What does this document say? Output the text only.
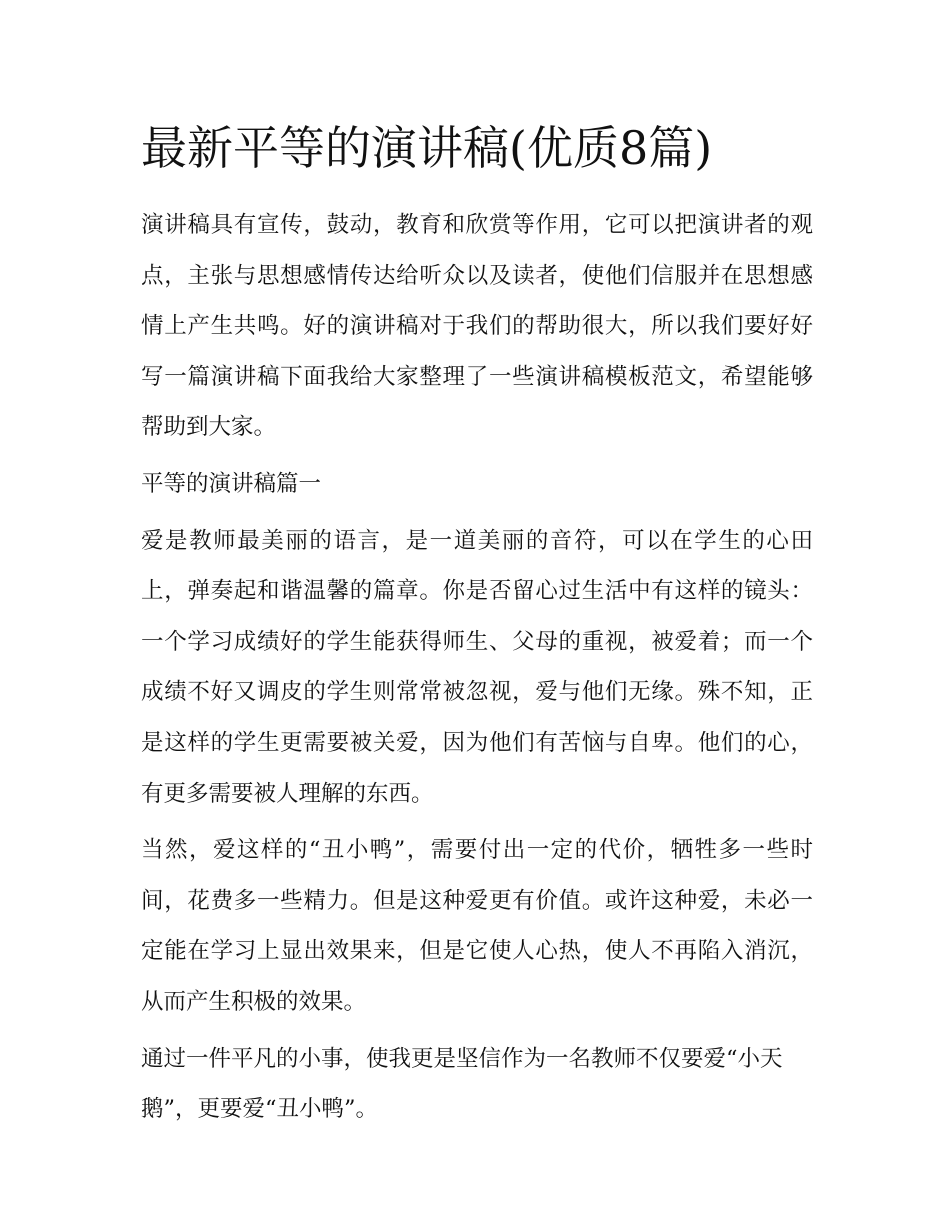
最新平等的演讲稿(优质8篇)

演讲稿具有宣传，鼓动，教育和欣赏等作用，它可以把演讲者的观点，主张与思想感情传达给听众以及读者，使他们信服并在思想感情上产生共鸣。好的演讲稿对于我们的帮助很大，所以我们要好好写一篇演讲稿下面我给大家整理了一些演讲稿模板范文，希望能够帮助到大家。

平等的演讲稿篇一

爱是教师最美丽的语言，是一道美丽的音符，可以在学生的心田上，弹奏起和谐温馨的篇章。你是否留心过生活中有这样的镜头：一个学习成绩好的学生能获得师生、父母的重视，被爱着；而一个成绩不好又调皮的学生则常常被忽视，爱与他们无缘。殊不知，正是这样的学生更需要被关爱，因为他们有苦恼与自卑。他们的心，有更多需要被人理解的东西。

当然，爱这样的“丑小鸭”，需要付出一定的代价，牺牲多一些时间，花费多一些精力。但是这种爱更有价值。或许这种爱，未必一定能在学习上显出效果来，但是它使人心热，使人不再陷入消沉，从而产生积极的效果。

通过一件平凡的小事，使我更是坚信作为一名教师不仅要爱“小天鹅”，更要爱“丑小鸭”。
